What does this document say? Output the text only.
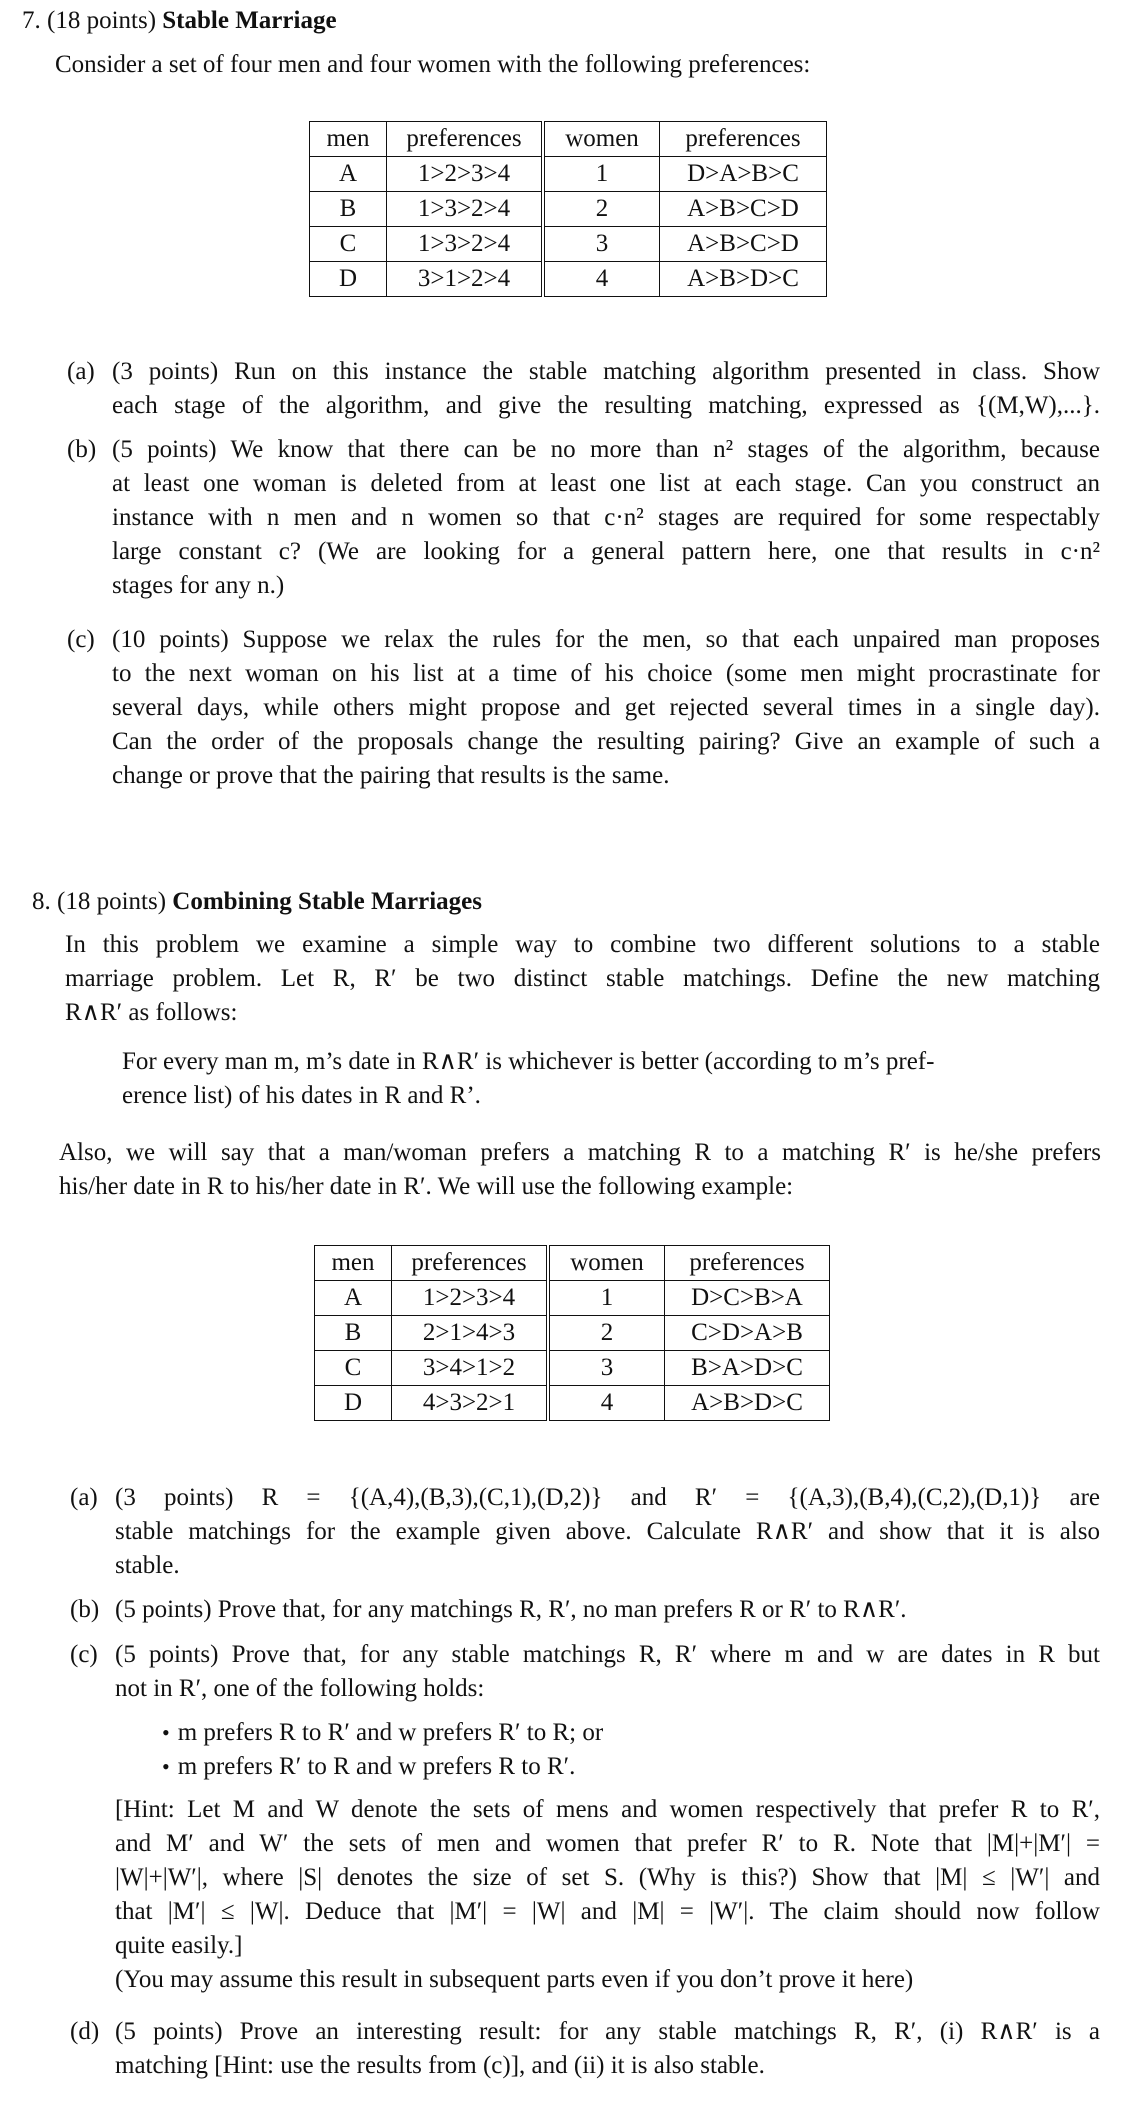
7. (18 points) Stable Marriage
Consider a set of four men and four women with the following preferences:
men	preferences	women	preferences
A	1>2>3>4	1	D>A>B>C
B	1>3>2>4	2	A>B>C>D
C	1>3>2>4	3	A>B>C>D
D	3>1>2>4	4	A>B>D>C
(a) (3 points) Run on this instance the stable matching algorithm presented in class. Show
each stage of the algorithm, and give the resulting matching, expressed as {(M,W),...}.
(b) (5 points) We know that there can be no more than n² stages of the algorithm, because
at least one woman is deleted from at least one list at each stage. Can you construct an
instance with n men and n women so that c·n² stages are required for some respectably
large constant c? (We are looking for a general pattern here, one that results in c·n²
stages for any n.)
(c) (10 points) Suppose we relax the rules for the men, so that each unpaired man proposes
to the next woman on his list at a time of his choice (some men might procrastinate for
several days, while others might propose and get rejected several times in a single day).
Can the order of the proposals change the resulting pairing? Give an example of such a
change or prove that the pairing that results is the same.
8. (18 points) Combining Stable Marriages
In this problem we examine a simple way to combine two different solutions to a stable
marriage problem. Let R, R′ be two distinct stable matchings. Define the new matching
R∧R′ as follows:
For every man m, m’s date in R∧R′ is whichever is better (according to m’s pref-
erence list) of his dates in R and R’.
Also, we will say that a man/woman prefers a matching R to a matching R′ is he/she prefers
his/her date in R to his/her date in R′. We will use the following example:
men	preferences	women	preferences
A	1>2>3>4	1	D>C>B>A
B	2>1>4>3	2	C>D>A>B
C	3>4>1>2	3	B>A>D>C
D	4>3>2>1	4	A>B>D>C
(a) (3 points) R = {(A,4),(B,3),(C,1),(D,2)} and R′ = {(A,3),(B,4),(C,2),(D,1)} are
stable matchings for the example given above. Calculate R∧R′ and show that it is also
stable.
(b) (5 points) Prove that, for any matchings R, R′, no man prefers R or R′ to R∧R′.
(c) (5 points) Prove that, for any stable matchings R, R′ where m and w are dates in R but
not in R′, one of the following holds:
• m prefers R to R′ and w prefers R′ to R; or
• m prefers R′ to R and w prefers R to R′.
[Hint: Let M and W denote the sets of mens and women respectively that prefer R to R′,
and M′ and W′ the sets of men and women that prefer R′ to R. Note that |M|+|M′| =
|W|+|W′|, where |S| denotes the size of set S. (Why is this?) Show that |M| ≤ |W′| and
that |M′| ≤ |W|. Deduce that |M′| = |W| and |M| = |W′|. The claim should now follow
quite easily.]
(You may assume this result in subsequent parts even if you don’t prove it here)
(d) (5 points) Prove an interesting result: for any stable matchings R, R′, (i) R∧R′ is a
matching [Hint: use the results from (c)], and (ii) it is also stable.
